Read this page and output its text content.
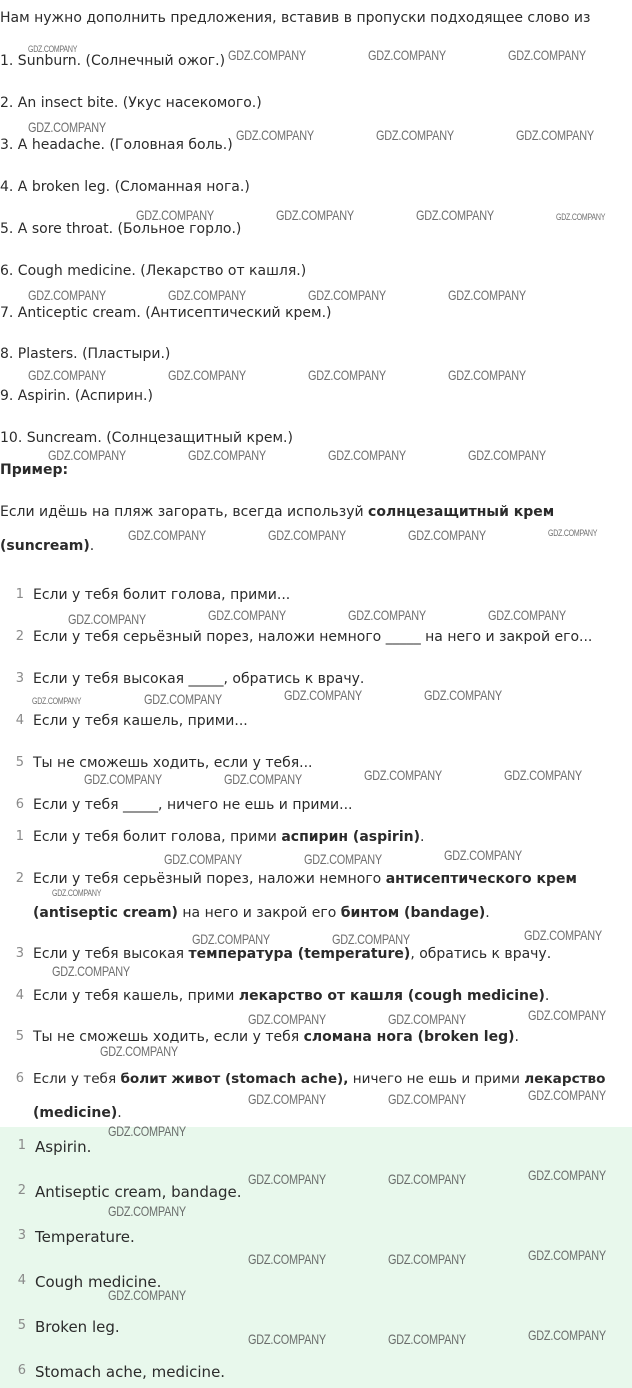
Нам нужно дополнить предложения, вставив в пропуски подходящее слово из
1. Sunburn. (Солнечный ожог.)
2. An insect bite. (Укус насекомого.)
3. A headache. (Головная боль.)
4. A broken leg. (Сломанная нога.)
5. A sore throat. (Больное горло.)
6. Cough medicine. (Лекарство от кашля.)
7. Anticeptic cream. (Антисептический крем.)
8. Plasters. (Пластыри.)
9. Aspirin. (Аспирин.)
10. Suncream. (Солнцезащитный крем.)
Пример:
Если идёшь на пляж загорать, всегда используй солнцезащитный крем
(suncream).
1 Если у тебя болит голова, прими...
2 Если у тебя серьёзный порез, наложи немного _____ на него и закрой его...
3 Если у тебя высокая _____, обратись к врачу.
4 Если у тебя кашель, прими...
5 Ты не сможешь ходить, если у тебя...
6 Если у тебя _____, ничего не ешь и прими...
1 Если у тебя болит голова, прими аспирин (aspirin).
2 Если у тебя серьёзный порез, наложи немного антисептического крем
(antiseptic cream) на него и закрой его бинтом (bandage).
3 Если у тебя высокая температура (temperature), обратись к врачу.
4 Если у тебя кашель, прими лекарство от кашля (cough medicine).
5 Ты не сможешь ходить, если у тебя сломана нога (broken leg).
6 Если у тебя болит живот (stomach ache), ничего не ешь и прими лекарство
(medicine).
1 Aspirin.
2 Antiseptic cream, bandage.
3 Temperature.
4 Cough medicine.
5 Broken leg.
6 Stomach ache, medicine.
GDZ.COMPANY	GDZ.COMPANY	GDZ.COMPANY	GDZ.COMPANY
GDZ.COMPANY	GDZ.COMPANY	GDZ.COMPANY	GDZ.COMPANY
GDZ.COMPANY	GDZ.COMPANY	GDZ.COMPANY	GDZ.COMPANY
GDZ.COMPANY	GDZ.COMPANY	GDZ.COMPANY	GDZ.COMPANY
GDZ.COMPANY	GDZ.COMPANY	GDZ.COMPANY	GDZ.COMPANY
GDZ.COMPANY	GDZ.COMPANY	GDZ.COMPANY	GDZ.COMPANY
GDZ.COMPANY	GDZ.COMPANY	GDZ.COMPANY	GDZ.COMPANY
GDZ.COMPANY	GDZ.COMPANY	GDZ.COMPANY	GDZ.COMPANY
GDZ.COMPANY	GDZ.COMPANY	GDZ.COMPANY	GDZ.COMPANY
GDZ.COMPANY	GDZ.COMPANY	GDZ.COMPANY	GDZ.COMPANY
GDZ.COMPANY	GDZ.COMPANY	GDZ.COMPANY
GDZ.COMPANY
GDZ.COMPANY	GDZ.COMPANY	GDZ.COMPANY
GDZ.COMPANY
GDZ.COMPANY	GDZ.COMPANY	GDZ.COMPANY
GDZ.COMPANY
GDZ.COMPANY	GDZ.COMPANY	GDZ.COMPANY
GDZ.COMPANY
GDZ.COMPANY	GDZ.COMPANY	GDZ.COMPANY
GDZ.COMPANY
GDZ.COMPANY	GDZ.COMPANY	GDZ.COMPANY
GDZ.COMPANY
GDZ.COMPANY	GDZ.COMPANY	GDZ.COMPANY
